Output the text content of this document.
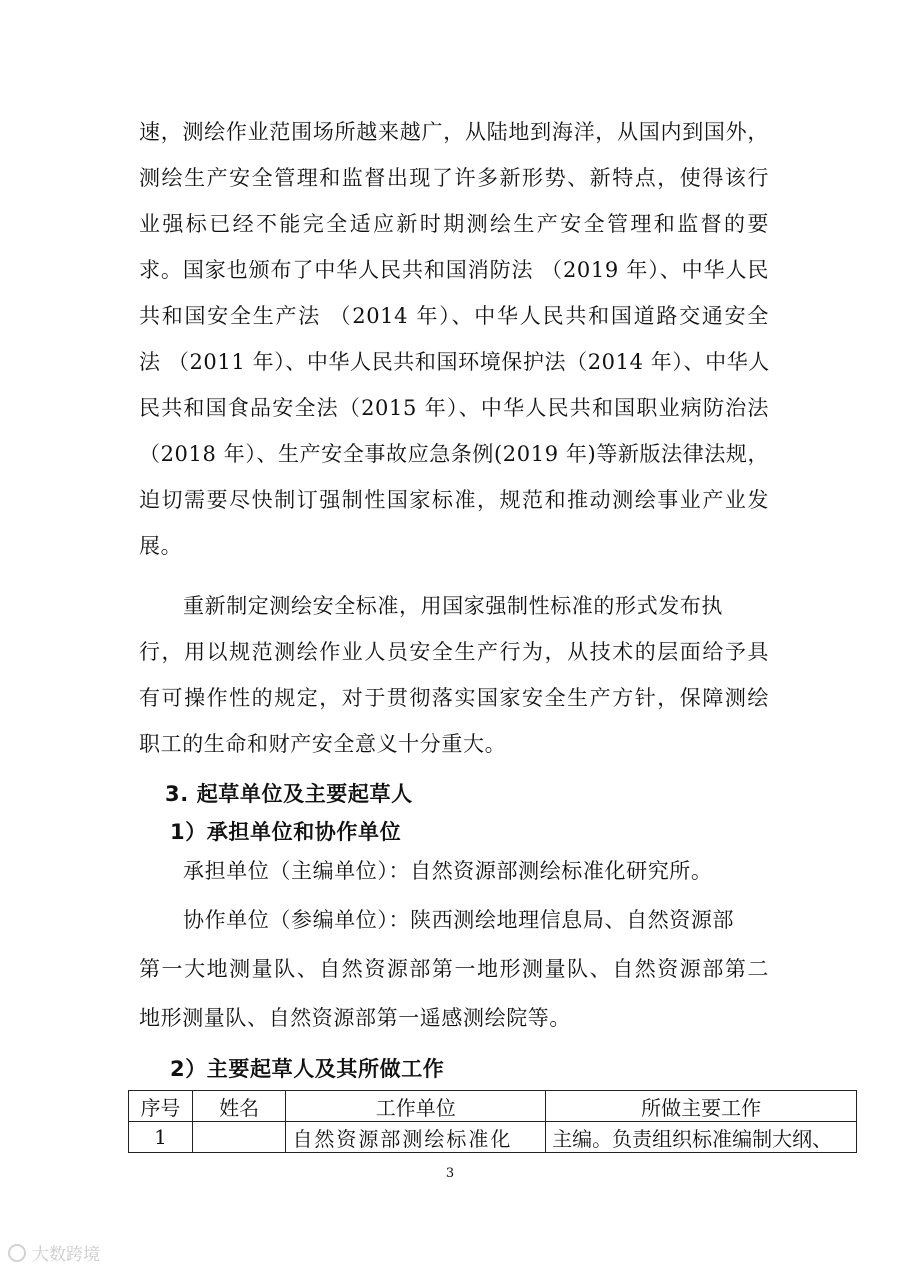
速，测绘作业范围场所越来越广，从陆地到海洋，从国内到国外，
测绘生产安全管理和监督出现了许多新形势、新特点，使得该行
业强标已经不能完全适应新时期测绘生产安全管理和监督的要
求。国家也颁布了中华人民共和国消防法 （2019 年）、中华人民
共和国安全生产法 （2014 年）、中华人民共和国道路交通安全
法 （2011 年）、中华人民共和国环境保护法（2014 年）、中华人
民共和国食品安全法（2015 年）、中华人民共和国职业病防治法
（2018 年）、生产安全事故应急条例(2019 年)等新版法律法规，
迫切需要尽快制订强制性国家标准，规范和推动测绘事业产业发
展。
重新制定测绘安全标准，用国家强制性标准的形式发布执
行，用以规范测绘作业人员安全生产行为，从技术的层面给予具
有可操作性的规定，对于贯彻落实国家安全生产方针，保障测绘
职工的生命和财产安全意义十分重大。
3. 起草单位及主要起草人
1）承担单位和协作单位
承担单位（主编单位）：自然资源部测绘标准化研究所。
协作单位（参编单位）：陕西测绘地理信息局、自然资源部
第一大地测量队、自然资源部第一地形测量队、自然资源部第二
地形测量队、自然资源部第一遥感测绘院等。
2）主要起草人及其所做工作
序号	姓名	工作单位	所做主要工作
1		自然资源部测绘标准化	主编。负责组织标准编制大纲、
3
大数跨境
